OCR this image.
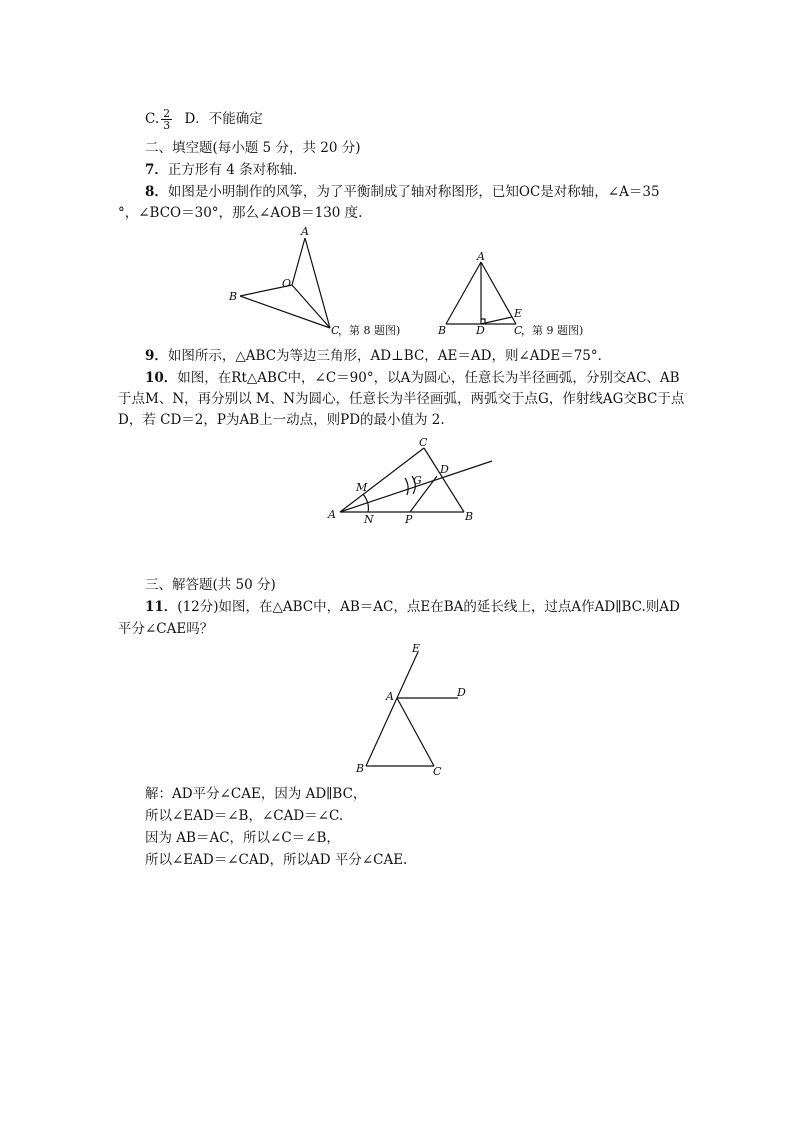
C. $\frac{2}{3}$ D．不能确定
二、填空题(每小题 5 分，共 20 分)
7．正方形有 4 条对称轴．
8．如图是小明制作的风筝，为了平衡制成了轴对称图形，已知OC是对称轴，∠A＝35
°，∠BCO＝30°，那么∠AOB＝130 度.
A
B
O
C
，第 8 题图)
A
B	D
E
C
，第 9 题图)
9．如图所示，△ABC为等边三角形，AD⊥BC，AE＝AD，则∠ADE＝75°．
10．如图，在Rt△ABC中，∠C＝90°，以A为圆心，任意长为半径画弧，分别交AC、AB
于点M、N，再分别以 M、N为圆心，任意长为半径画弧，两弧交于点G，作射线AG交BC于点
D，若 CD＝2，P为AB上一动点，则PD的最小值为 2.
C
D
G
M
A	N	P	B
三、解答题(共 50 分)
11．(12分)如图，在△ABC中，AB＝AC，点E在BA的延长线上，过点A作AD∥BC.则AD
平分∠CAE吗？
E
A	D
B	C
解：AD平分∠CAE，因为 AD∥BC，
所以∠EAD＝∠B，∠CAD＝∠C.
因为 AB＝AC，所以∠C＝∠B，
所以∠EAD＝∠CAD，所以AD 平分∠CAE.
